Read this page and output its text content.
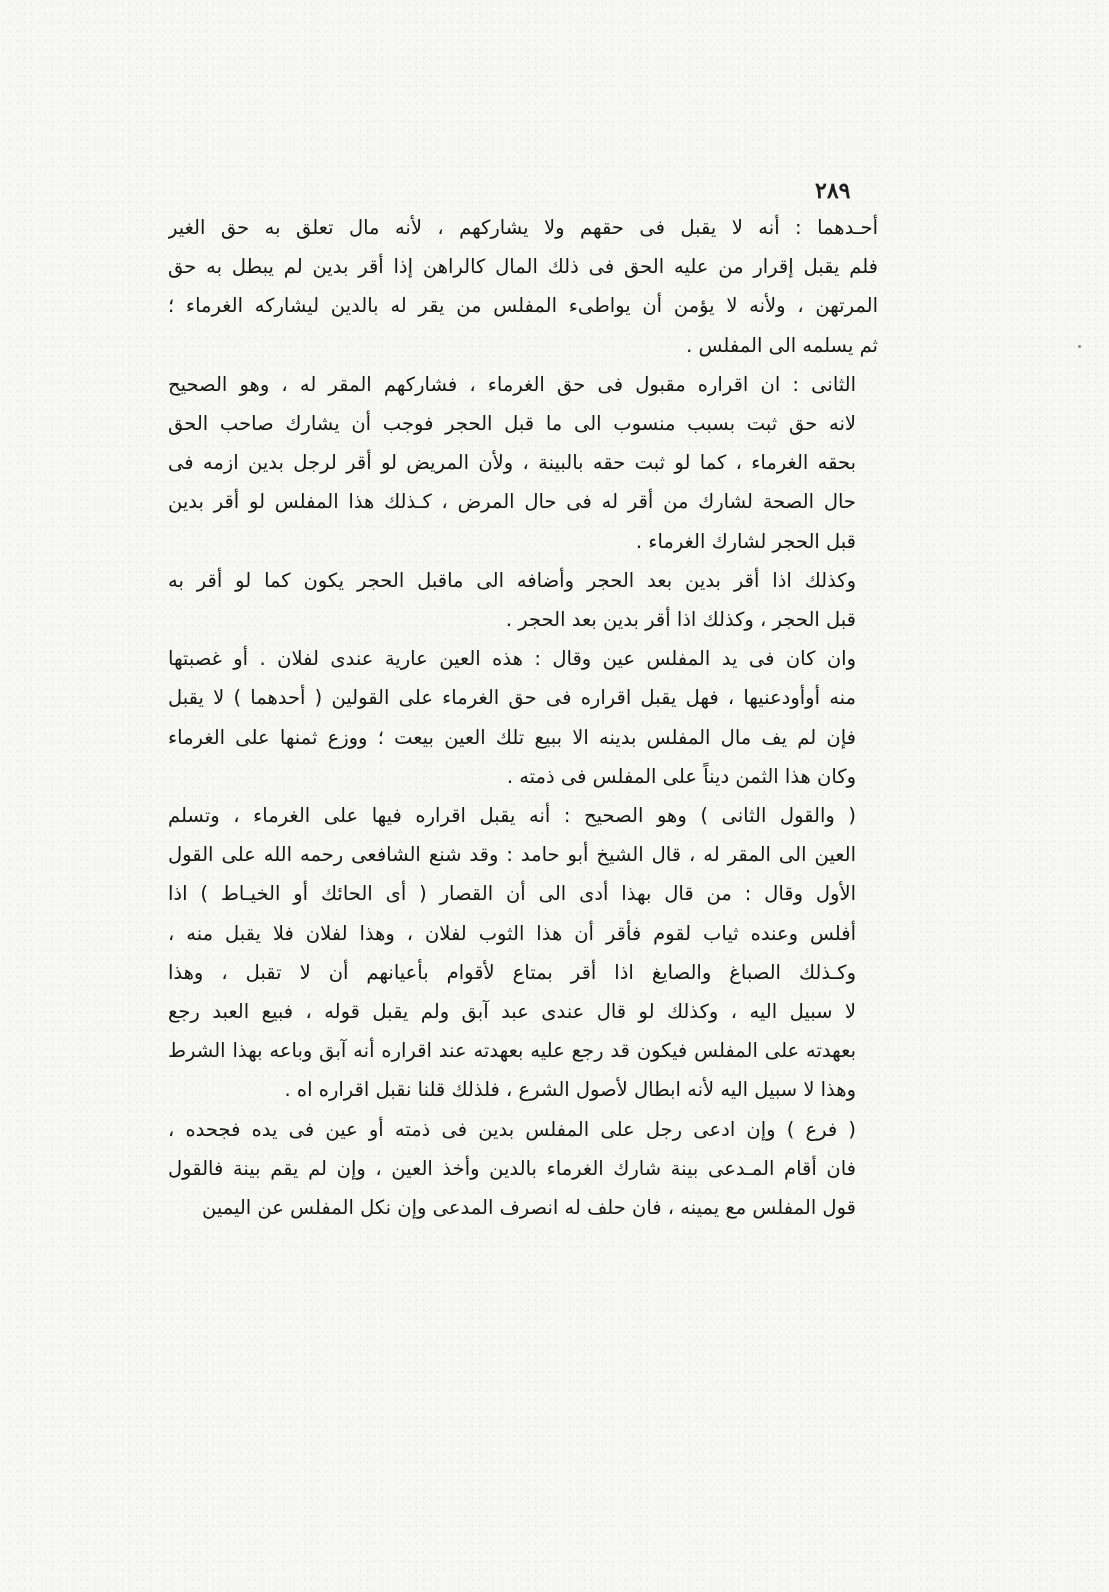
٢٨٩
أحـدهما : أنه لا يقبل فى حقهم ولا يشاركهم ، لأنه مال تعلق به حق الغير
فلم يقبل إقرار من عليه الحق فى ذلك المال كالراهن إذا أقر بدين لم يبطل به حق
المرتهن ، ولأنه لا يؤمن أن يواطىء المفلس من يقر له بالدين ليشاركه الغرماء ؛
ثم يسلمه الى المفلس .
الثانى : ان اقراره مقبول فى حق الغرماء ، فشاركهم المقر له ، وهو الصحيح
لانه حق ثبت بسبب منسوب الى ما قبل الحجر فوجب أن يشارك صاحب الحق
بحقه الغرماء ، كما لو ثبت حقه بالبينة ، ولأن المريض لو أقر لرجل بدين ازمه فى
حال الصحة لشارك من أقر له فى حال المرض ، كـذلك هذا المفلس لو أقر بدين
قبل الحجر لشارك الغرماء .
وكذلك اذا أقر بدين بعد الحجر وأضافه الى ماقبل الحجر يكون كما لو أقر به
قبل الحجر ، وكذلك اذا أقر بدين بعد الحجر .
وان كان فى يد المفلس عين وقال : هذه العين عارية عندى لفلان . أو غصبتها
منه أوأودعنيها ، فهل يقبل اقراره فى حق الغرماء على القولين ( أحدهما ) لا يقبل
فإن لم يف مال المفلس بدينه الا ببيع تلك العين بيعت ؛ ووزع ثمنها على الغرماء
وكان هذا الثمن ديناً على المفلس فى ذمته .
( والقول الثانى ) وهو الصحيح : أنه يقبل اقراره فيها على الغرماء ، وتسلم
العين الى المقر له ، قال الشيخ أبو حامد : وقد شنع الشافعى رحمه الله على القول
الأول وقال : من قال بهذا أدى الى أن القصار ( أى الحائك أو الخيـاط ) اذا
أفلس وعنده ثياب لقوم فأقر أن هذا الثوب لفلان ، وهذا لفلان فلا يقبل منه ،
وكـذلك الصباغ والصايغ اذا أقر بمتاع لأقوام بأعيانهم أن لا تقبل ، وهذا
لا سبيل اليه ، وكذلك لو قال عندى عبد آبق ولم يقبل قوله ، فبيع العبد رجع
بعهدته على المفلس فيكون قد رجع عليه بعهدته عند اقراره أنه آبق وباعه بهذا الشرط
وهذا لا سبيل اليه لأنه ابطال لأصول الشرع ، فلذلك قلنا نقبل اقراره اه .
( فرع ) وإن ادعى رجل على المفلس بدين فى ذمته أو عين فى يده فجحده ،
فان أقام المـدعى بينة شارك الغرماء بالدين وأخذ العين ، وإن لم يقم بينة فالقول
قول المفلس مع يمينه ، فان حلف له انصرف المدعى وإن نكل المفلس عن اليمين
